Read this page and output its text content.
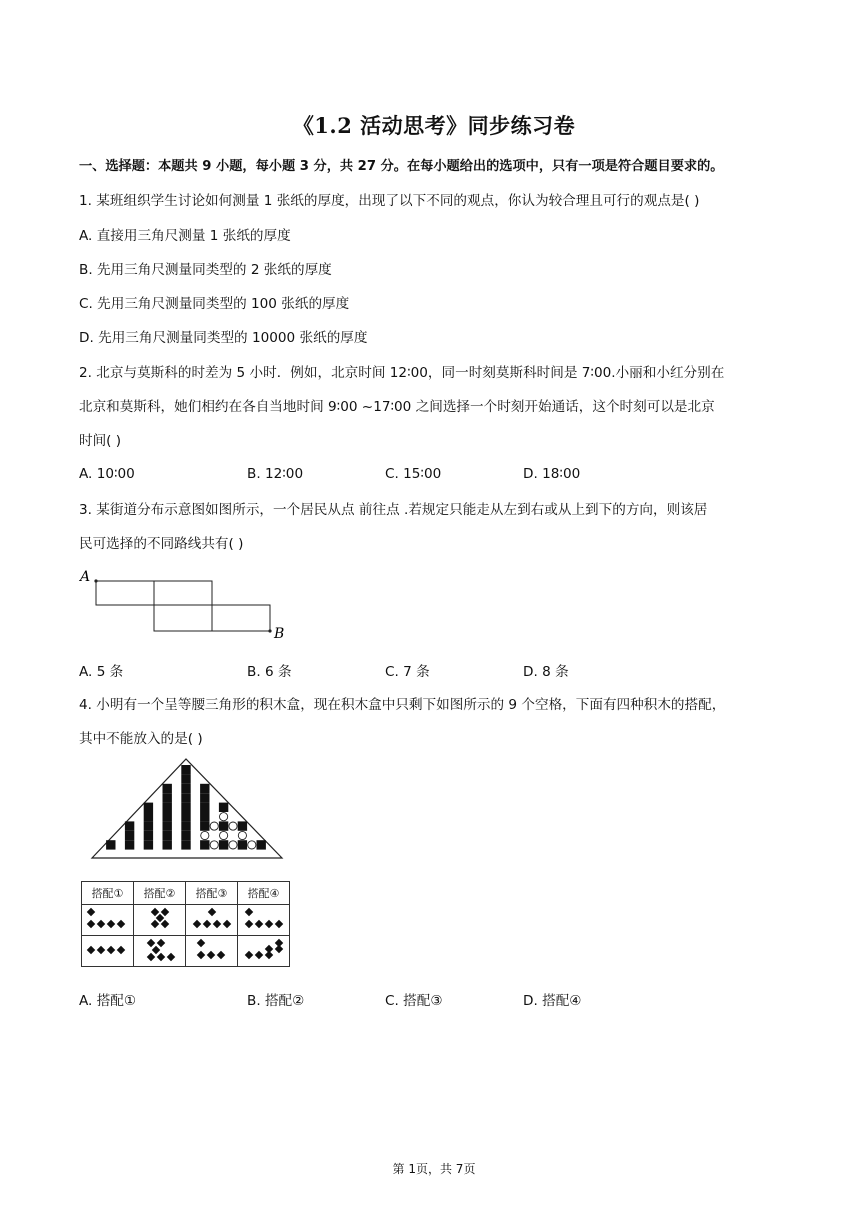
《1.2 活动思考》同步练习卷
一、选择题：本题共 9 小题，每小题 3 分，共 27 分。在每小题给出的选项中，只有一项是符合题目要求的。
1. 某班组织学生讨论如何测量 1 张纸的厚度，出现了以下不同的观点，你认为较合理且可行的观点是( )
A. 直接用三角尺测量 1 张纸的厚度
B. 先用三角尺测量同类型的 2 张纸的厚度
C. 先用三角尺测量同类型的 100 张纸的厚度
D. 先用三角尺测量同类型的 10000 张纸的厚度
2. 北京与莫斯科的时差为 5 小时．例如，北京时间 12∶00，同一时刻莫斯科时间是 7∶00.小丽和小红分别在
北京和莫斯科，她们相约在各自当地时间 9∶00 ~17∶00 之间选择一个时刻开始通话，这个时刻可以是北京
时间( )
A. 10∶00	B. 12∶00	C. 15∶00	D. 18∶00
3. 某街道分布示意图如图所示，一个居民从点 前往点 .若规定只能走从左到右或从上到下的方向，则该居
民可选择的不同路线共有( )
A
B
A. 5 条	B. 6 条	C. 7 条	D. 8 条
4. 小明有一个呈等腰三角形的积木盒，现在积木盒中只剩下如图所示的 9 个空格，下面有四种积木的搭配，
其中不能放入的是( )
搭配①	搭配②	搭配③	搭配④

A. 搭配①	B. 搭配②	C. 搭配③	D. 搭配④
第 1页，共 7页
